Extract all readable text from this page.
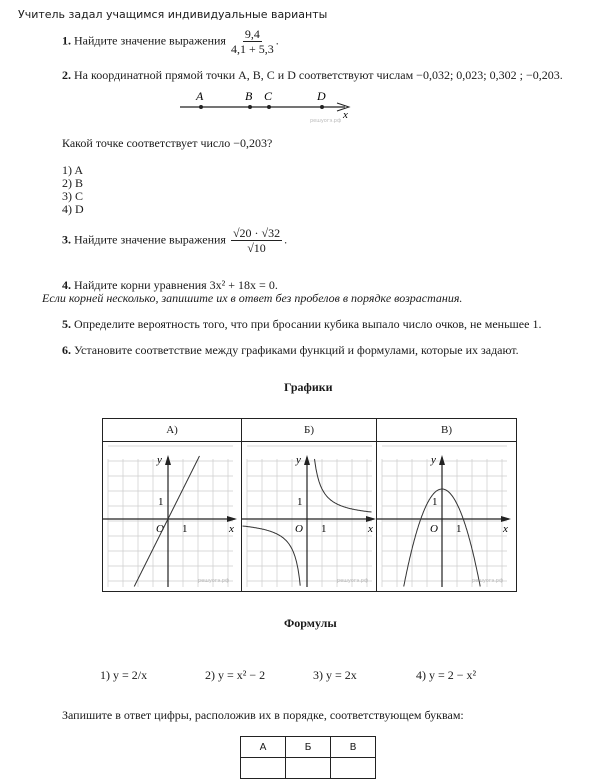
Учитель задал учащимся индивидуальные варианты
1. Найдите значение выражения $\frac{9,4}{4,1 + 5,3}$ .
2. На координатной прямой точки A, B, C и D соответствуют числам −0,032; 0,023; 0,302 ; −0,203.
A	B C	D
x
решуогэ.рф
Какой точке соответствует число −0,203?
1) A
2) B
3) C
4) D
3. Найдите значение выражения $\frac{√20 \cdot √32}{√10}$ .
4. Найдите корни уравнения 3x² + 18x = 0.
Если корней несколько, запишите их в ответ без пробелов в порядке возрастания.
5. Определите вероятность того, что при бросании кубика выпало число очков, не меньшее 1.
6. Установите соответствие между графиками функций и формулами, которые их задают.
Графики
А)
y
x
O 1
1
решуогэ.рф
Б)
y
x
O 1
1
решуогэ.рф
В)
y
x
O 1
1
решуогэ.рф
Формулы
1) y = 2/x	2) y = x² − 2	3) y = 2x	4) y = 2 − x²
Запишите в ответ цифры, расположив их в порядке, соответствующем буквам:
А	Б	В
